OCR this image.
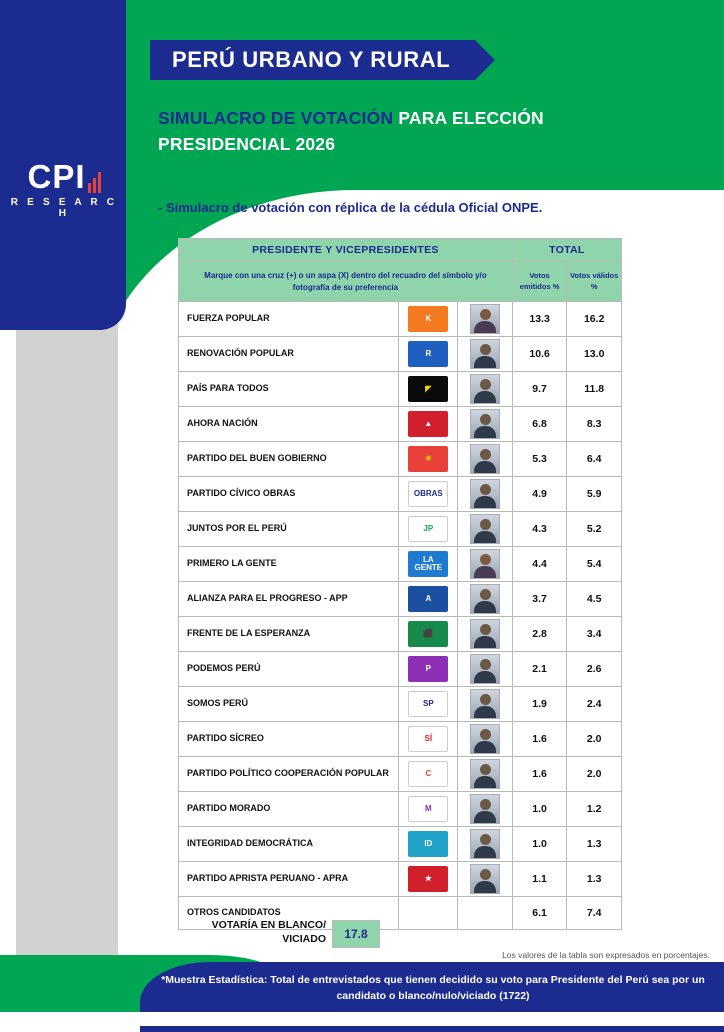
CPI
R E S E A R C H
PERÚ URBANO Y RURAL
SIMULACRO DE VOTACIÓN PARA ELECCIÓN PRESIDENCIAL 2026
- Simulacro de votación con réplica de la cédula Oficial ONPE.
PRESIDENTE Y VICEPRESIDENTES			TOTAL	
Marque con una cruz (+) o un aspa (X) dentro del recuadro del símbolo y/o fotografía de su preferencia			Votos emitidos %	Votos válidos %
FUERZA POPULAR	K		13.3	16.2
RENOVACIÓN POPULAR	R		10.6	13.0
PAÍS PARA TODOS	◤		9.7	11.8
AHORA NACIÓN	▲		6.8	8.3
PARTIDO DEL BUEN GOBIERNO	☀		5.3	6.4
PARTIDO CÍVICO OBRAS	OBRAS		4.9	5.9
JUNTOS POR EL PERÚ	JP		4.3	5.2
PRIMERO LA GENTE	LA GENTE		4.4	5.4
ALIANZA PARA EL PROGRESO - APP	A		3.7	4.5
FRENTE DE LA ESPERANZA	⬛		2.8	3.4
PODEMOS PERÚ	P		2.1	2.6
SOMOS PERÚ	SP		1.9	2.4
PARTIDO SÍCREO	SÍ		1.6	2.0
PARTIDO POLÍTICO COOPERACIÓN POPULAR	C		1.6	2.0
PARTIDO MORADO	M		1.0	1.2
INTEGRIDAD DEMOCRÁTICA	ID		1.0	1.3
PARTIDO APRISTA PERUANO - APRA	★		1.1	1.3
OTROS CANDIDATOS			6.1	7.4
VOTARÍA EN BLANCO/ VICIADO	17.8
Los valores de la tabla son expresados en porcentajes.
*Muestra Estadística: Total de entrevistados que tienen decidido su voto para Presidente del Perú sea por un candidato o blanco/nulo/viciado (1722)
